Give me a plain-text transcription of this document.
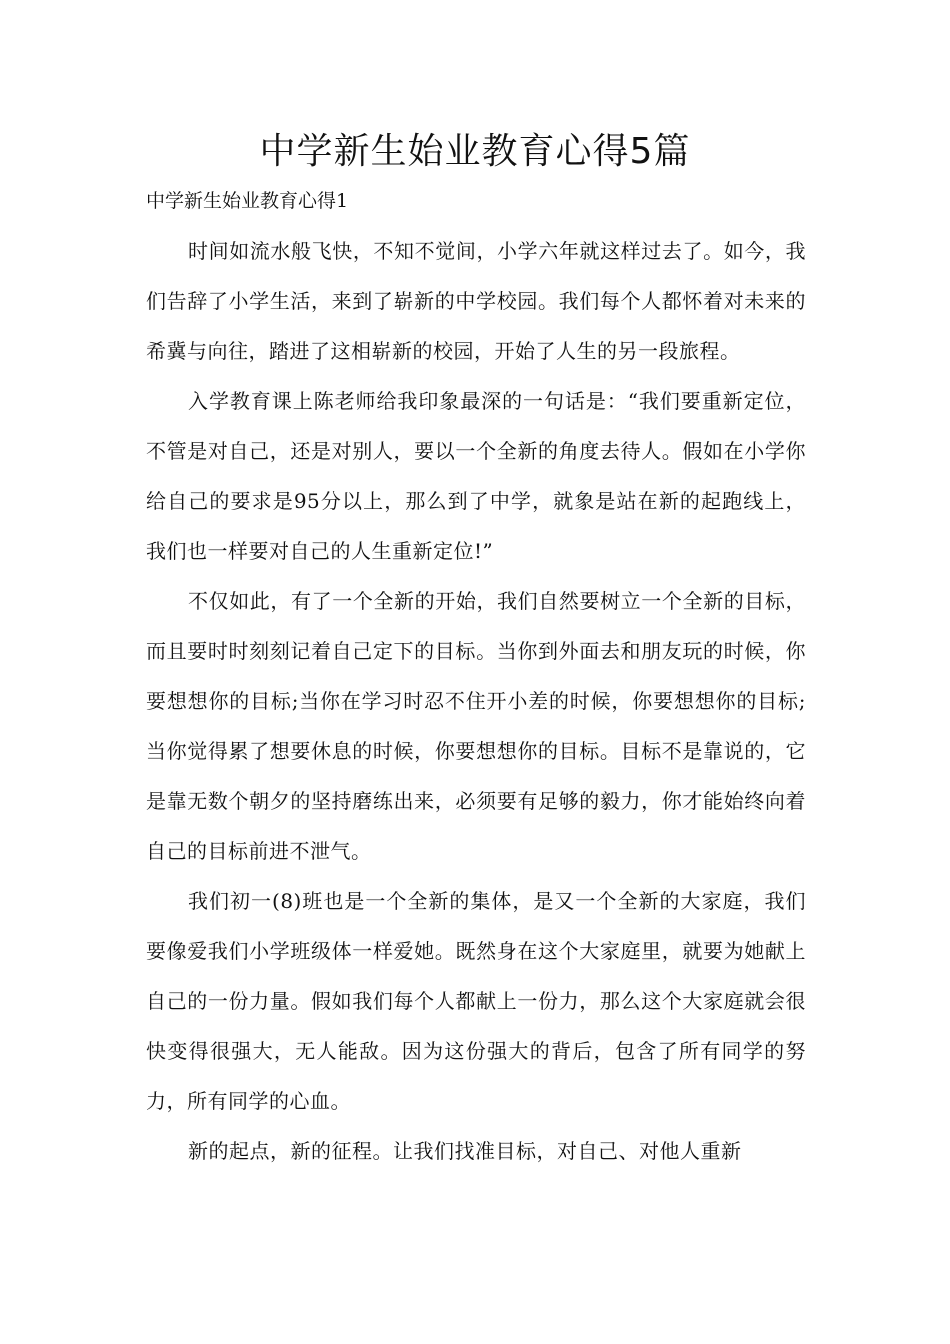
中学新生始业教育心得5篇
中学新生始业教育心得1

时间如流水般飞快，不知不觉间，小学六年就这样过去了。如今，我们告辞了小学生活，来到了崭新的中学校园。我们每个人都怀着对未来的希冀与向往，踏进了这相崭新的校园，开始了人生的另一段旅程。

入学教育课上陈老师给我印象最深的一句话是：“我们要重新定位，不管是对自己，还是对别人，要以一个全新的角度去待人。假如在小学你给自己的要求是95分以上，那么到了中学，就象是站在新的起跑线上，我们也一样要对自己的人生重新定位!”

不仅如此，有了一个全新的开始，我们自然要树立一个全新的目标，而且要时时刻刻记着自己定下的目标。当你到外面去和朋友玩的时候，你要想想你的目标;当你在学习时忍不住开小差的时候，你要想想你的目标;当你觉得累了想要休息的时候，你要想想你的目标。目标不是靠说的，它是靠无数个朝夕的坚持磨练出来，必须要有足够的毅力，你才能始终向着自己的目标前进不泄气。

我们初一(8)班也是一个全新的集体，是又一个全新的大家庭，我们要像爱我们小学班级体一样爱她。既然身在这个大家庭里，就要为她献上自己的一份力量。假如我们每个人都献上一份力，那么这个大家庭就会很快变得很强大，无人能敌。因为这份强大的背后，包含了所有同学的努力，所有同学的心血。

新的起点，新的征程。让我们找准目标，对自己、对他人重新
